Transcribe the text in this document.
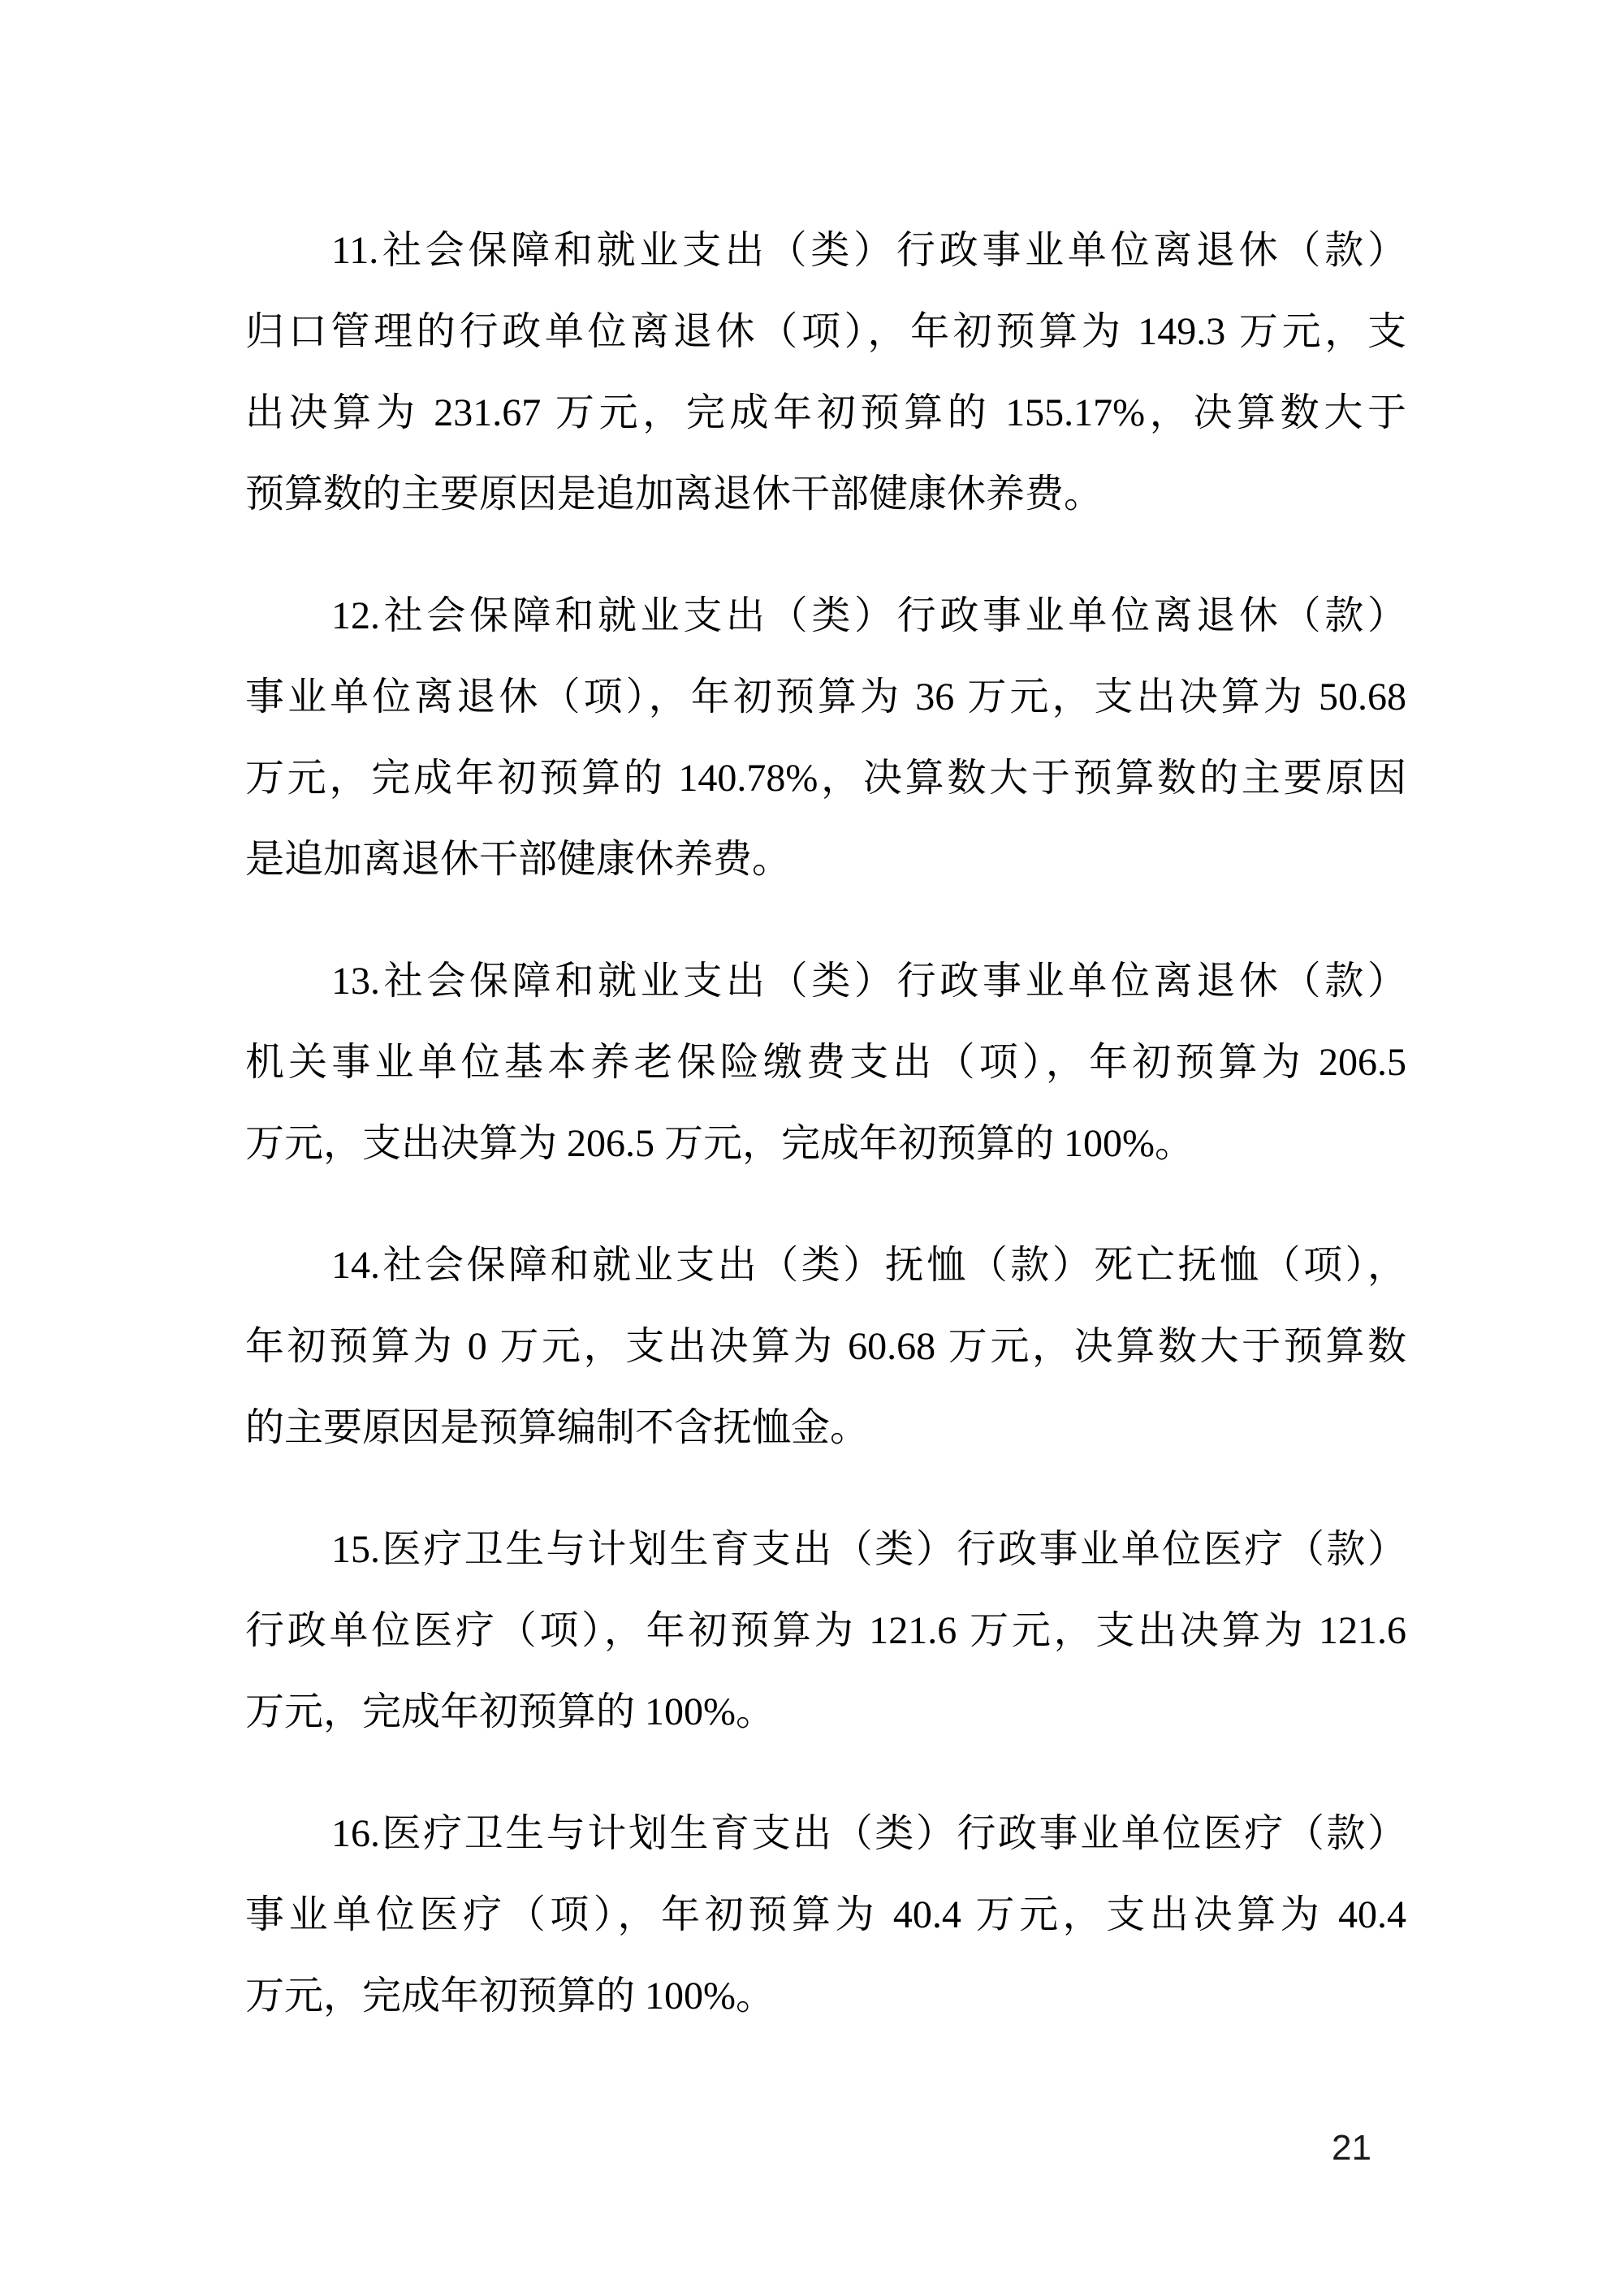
11.社会保障和就业支出（类）行政事业单位离退休（款）
归口管理的行政单位离退休（项），年初预算为 149.3 万元，支
出决算为 231.67 万元，完成年初预算的 155.17%，决算数大于
预算数的主要原因是追加离退休干部健康休养费。
12.社会保障和就业支出（类）行政事业单位离退休（款）
事业单位离退休（项），年初预算为 36 万元，支出决算为 50.68
万元，完成年初预算的 140.78%，决算数大于预算数的主要原因
是追加离退休干部健康休养费。
13.社会保障和就业支出（类）行政事业单位离退休（款）
机关事业单位基本养老保险缴费支出（项），年初预算为 206.5
万元，支出决算为 206.5 万元，完成年初预算的 100%。
14.社会保障和就业支出（类）抚恤（款）死亡抚恤（项），
年初预算为 0 万元，支出决算为 60.68 万元，决算数大于预算数
的主要原因是预算编制不含抚恤金。
15.医疗卫生与计划生育支出（类）行政事业单位医疗（款）
行政单位医疗（项），年初预算为 121.6 万元，支出决算为 121.6
万元，完成年初预算的 100%。
16.医疗卫生与计划生育支出（类）行政事业单位医疗（款）
事业单位医疗（项），年初预算为 40.4 万元，支出决算为 40.4
万元，完成年初预算的 100%。
21
